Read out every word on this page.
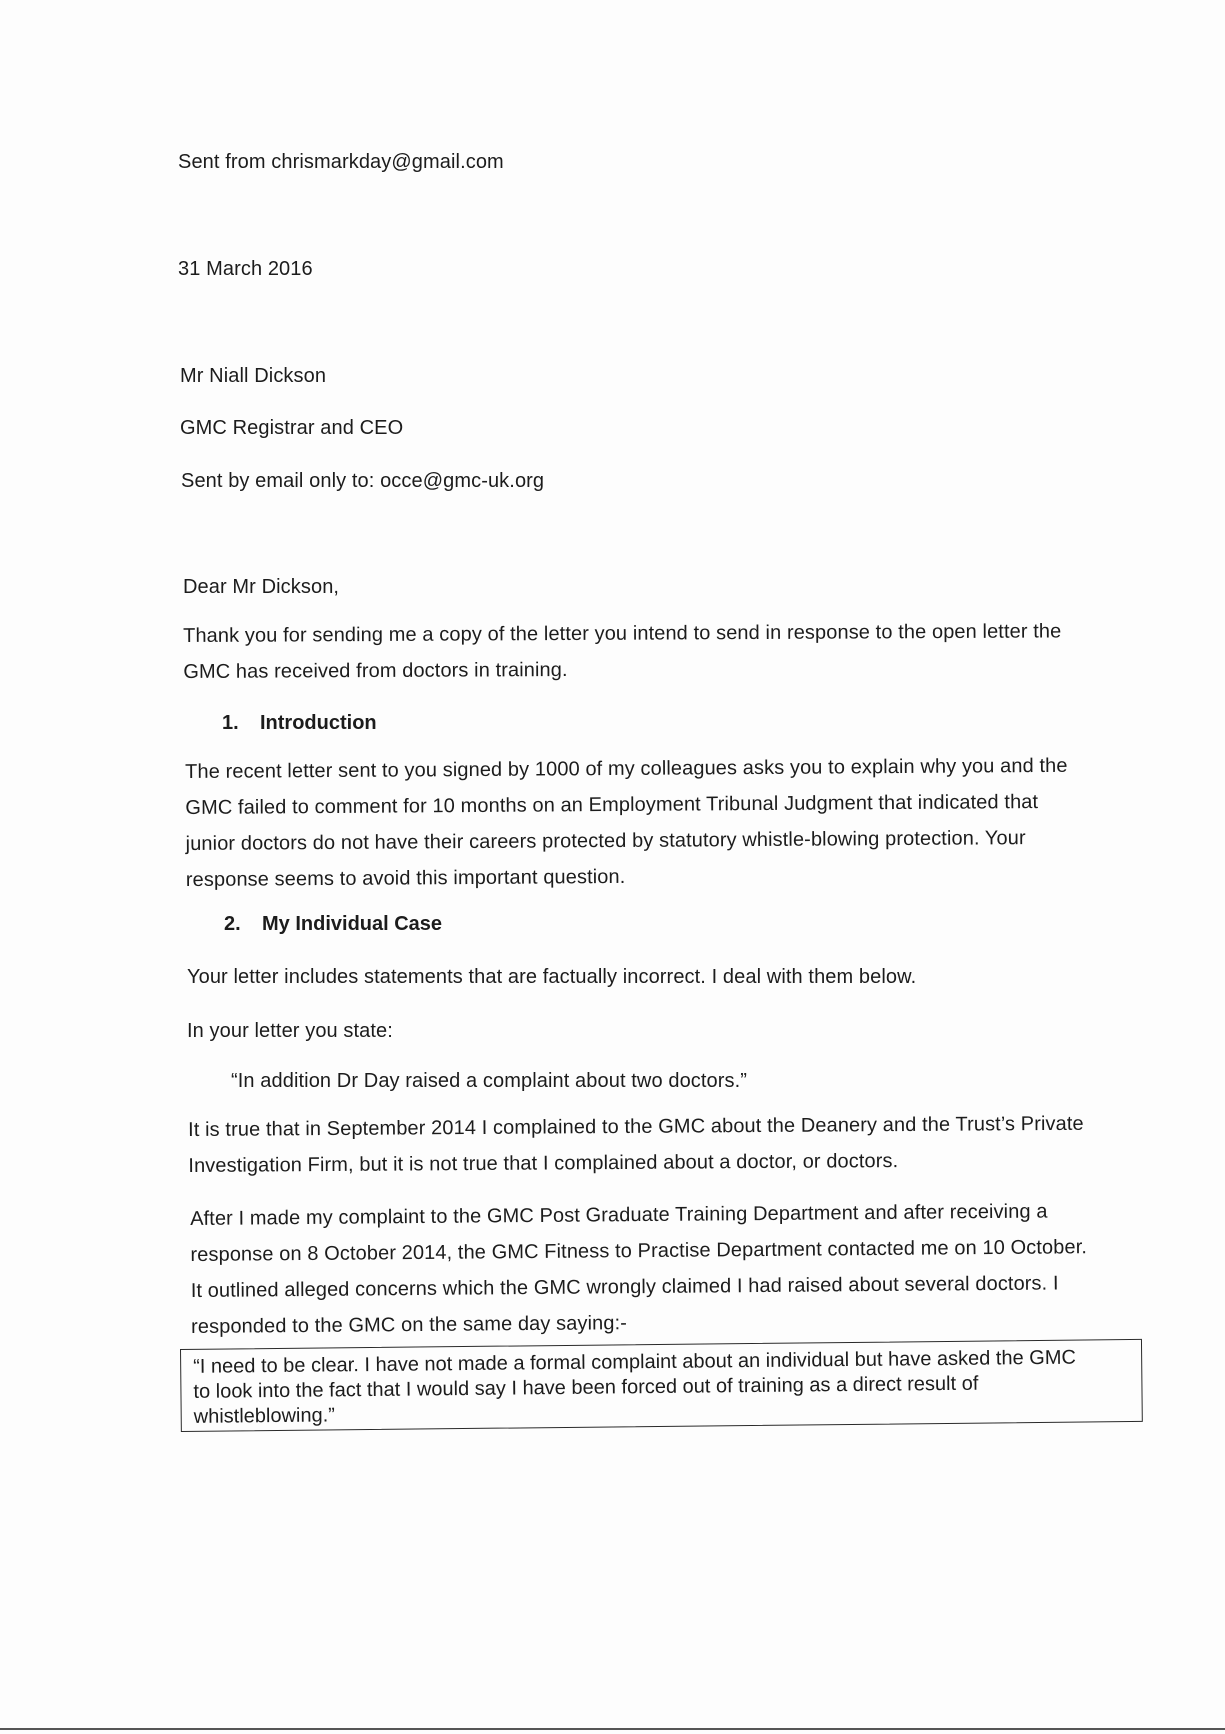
Sent from chrismarkday@gmail.com
31 March 2016
Mr Niall Dickson
GMC Registrar and CEO
Sent by email only to: occe@gmc-uk.org
Dear Mr Dickson,
Thank you for sending me a copy of the letter you intend to send in response to the open letter the
GMC has received from doctors in training.
1. Introduction
The recent letter sent to you signed by 1000 of my colleagues asks you to explain why you and the
GMC failed to comment for 10 months on an Employment Tribunal Judgment that indicated that
junior doctors do not have their careers protected by statutory whistle-blowing protection. Your
response seems to avoid this important question.
2. My Individual Case
Your letter includes statements that are factually incorrect. I deal with them below.
In your letter you state:
“In addition Dr Day raised a complaint about two doctors.”
It is true that in September 2014 I complained to the GMC about the Deanery and the Trust’s Private
Investigation Firm, but it is not true that I complained about a doctor, or doctors.
After I made my complaint to the GMC Post Graduate Training Department and after receiving a
response on 8 October 2014, the GMC Fitness to Practise Department contacted me on 10 October.
It outlined alleged concerns which the GMC wrongly claimed I had raised about several doctors. I
responded to the GMC on the same day saying:-
“I need to be clear. I have not made a formal complaint about an individual but have asked the GMC
to look into the fact that I would say I have been forced out of training as a direct result of
whistleblowing.”
